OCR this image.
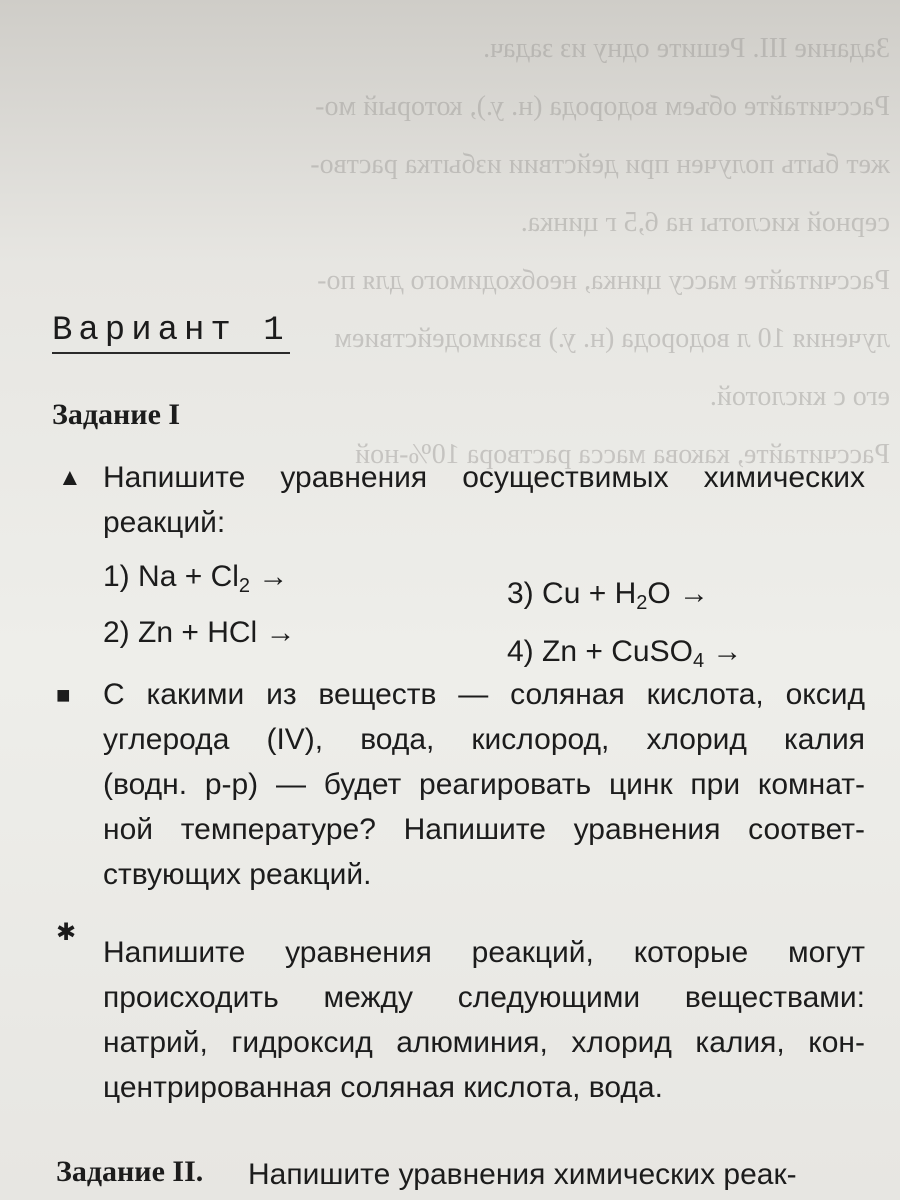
Задание III. Решите одну из задач.
Рассчитайте объем водорода (н. у.), который мо-
жет быть получен при действии избытка раство-
серной кислоты на 6,5 г цинка.
Рассчитайте массу цинка, необходимого для по-
лучения 10 л водорода (н. у.) взаимодействием
его с кислотой.
Рассчитайте, какова масса раствора 10%-ной
Вариант 1
Задание I
▲ Напишите уравнения осуществимых химических
реакций:
1) $Na + Cl_2$ →
2) Zn + HCl →
3) $Cu + H_2O$ →
4) Zn + CuSO$_4$ →
■ С какими из веществ — соляная кислота, оксид
углерода (IV), вода, кислород, хлорид калия
(водн. р-р) — будет реагировать цинк при комнат-
ной температуре? Напишите уравнения соответ-
ствующих реакций.
✱
Напишите уравнения реакций, которые могут
происходить между следующими веществами:
натрий, гидроксид алюминия, хлорид калия, кон-
центрированная соляная кислота, вода.
Задание II. Напишите уравнения химических реак-
